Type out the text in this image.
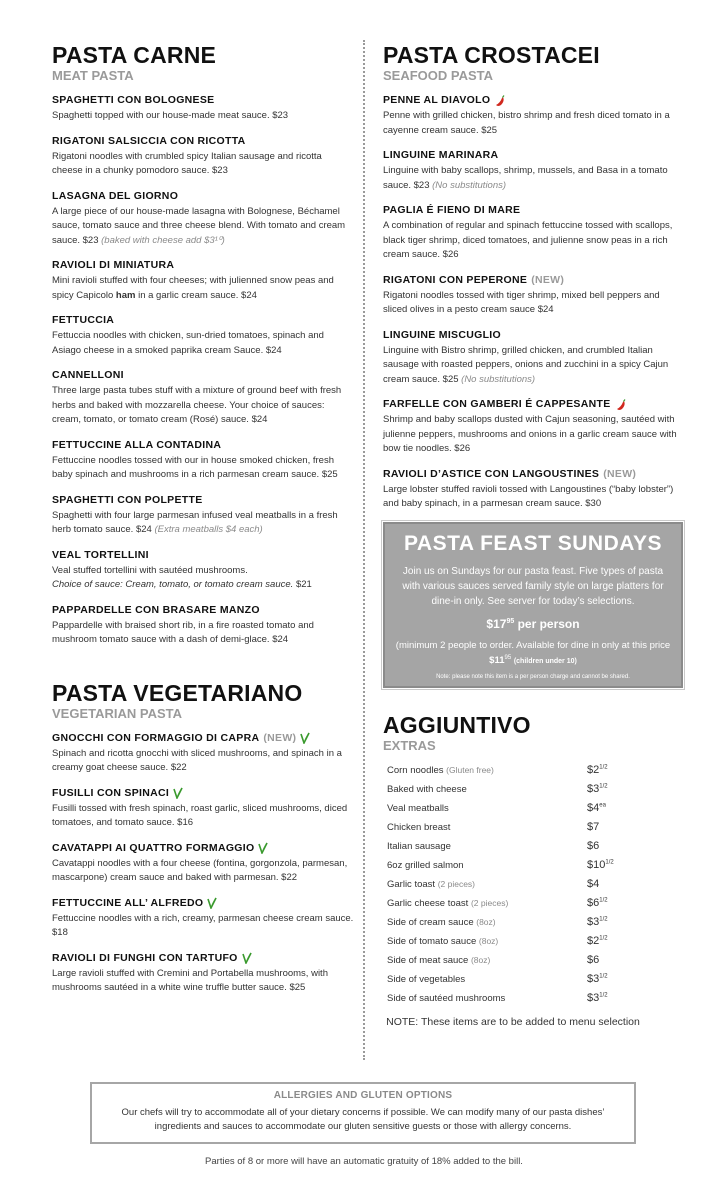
PASTA CARNE
MEAT PASTA
SPAGHETTI CON BOLOGNESE
Spaghetti topped with our house-made meat sauce. $23
RIGATONI SALSICCIA CON RICOTTA
Rigatoni noodles with crumbled spicy Italian sausage and ricotta cheese in a chunky pomodoro sauce. $23
LASAGNA DEL GIORNO
A large piece of our house-made lasagna with Bolognese, Béchamel sauce, tomato sauce and three cheese blend. With tomato and cream sauce. $23 (baked with cheese add $3¹⁰)
RAVIOLI DI MINIATURA
Mini ravioli stuffed with four cheeses; with julienned snow peas and spicy Capicolo ham in a garlic cream sauce. $24
FETTUCCIA
Fettuccia noodles with chicken, sun-dried tomatoes, spinach and Asiago cheese in a smoked paprika cream Sauce. $24
CANNELLONI
Three large pasta tubes stuff with a mixture of ground beef with fresh herbs and baked with mozzarella cheese. Your choice of sauces: cream, tomato, or tomato cream (Rosé) sauce. $24
FETTUCCINE ALLA CONTADINA
Fettuccine noodles tossed with our in house smoked chicken, fresh baby spinach and mushrooms in a rich parmesan cream sauce. $25
SPAGHETTI CON POLPETTE
Spaghetti with four large parmesan infused veal meatballs in a fresh herb tomato sauce. $24 (Extra meatballs $4 each)
VEAL TORTELLINI
Veal stuffed tortellini with sautéed mushrooms.
Choice of sauce: Cream, tomato, or tomato cream sauce. $21
PAPPARDELLE CON BRASARE MANZO
Pappardelle with braised short rib, in a fire roasted tomato and mushroom tomato sauce with a dash of demi-glace. $24
PASTA VEGETARIANO
VEGETARIAN PASTA
GNOCCHI CON FORMAGGIO DI CAPRA (NEW)
Spinach and ricotta gnocchi with sliced mushrooms, and spinach in a creamy goat cheese sauce. $22
FUSILLI CON SPINACI
Fusilli tossed with fresh spinach, roast garlic, sliced mushrooms, diced tomatoes, and tomato sauce. $16
CAVATAPPI AI QUATTRO FORMAGGIO
Cavatappi noodles with a four cheese (fontina, gorgonzola, parmesan, mascarpone) cream sauce and baked with parmesan. $22
FETTUCCINE ALL’ ALFREDO
Fettuccine noodles with a rich, creamy, parmesan cheese cream sauce. $18
RAVIOLI DI FUNGHI CON TARTUFO
Large ravioli stuffed with Cremini and Portabella mushrooms, with mushrooms sautéed in a white wine truffle butter sauce. $25
PASTA CROSTACEI
SEAFOOD PASTA
PENNE AL DIAVOLO
Penne with grilled chicken, bistro shrimp and fresh diced tomato in a cayenne cream sauce. $25
LINGUINE MARINARA
Linguine with baby scallops, shrimp, mussels, and Basa in a tomato sauce. $23 (No substitutions)
PAGLIA É FIENO DI MARE
A combination of regular and spinach fettuccine tossed with scallops, black tiger shrimp, diced tomatoes, and julienne snow peas in a rich cream sauce. $26
RIGATONI CON PEPERONE (NEW)
Rigatoni noodles tossed with tiger shrimp, mixed bell peppers and sliced olives in a pesto cream sauce $24
LINGUINE MISCUGLIO
Linguine with Bistro shrimp, grilled chicken, and crumbled Italian sausage with roasted peppers, onions and zucchini in a spicy Cajun cream sauce. $25 (No substitutions)
FARFELLE CON GAMBERI É CAPPESANTE
Shrimp and baby scallops dusted with Cajun seasoning, sautéed with julienne peppers, mushrooms and onions in a garlic cream sauce with bow tie noodles. $26
RAVIOLI D’ASTICE CON LANGOUSTINES (NEW)
Large lobster stuffed ravioli tossed with Langoustines (“baby lobster”) and baby spinach, in a parmesan cream sauce. $30
PASTA FEAST SUNDAYS
Join us on Sundays for our pasta feast. Five types of pasta with various sauces served family style on large platters for dine-in only. See server for today’s selections.
$\$17^{95}$ per person
(minimum 2 people to order. Available for dine in only at this price
$\$11^{95}$ (children under 10)
Note: please note this item is a per person charge and cannot be shared.
AGGIUNTIVO
EXTRAS
Corn noodles (Gluten free)	$\$2^{1/2}$
Baked with cheese	$\$3^{1/2}$
Veal meatballs	$\$4^{ea}$
Chicken breast	$7
Italian sausage	$6
6oz grilled salmon	$\$10^{1/2}$
Garlic toast (2 pieces)	$4
Garlic cheese toast (2 pieces)	$\$6^{1/2}$
Side of cream sauce (8oz)	$\$3^{1/2}$
Side of tomato sauce (8oz)	$\$2^{1/2}$
Side of meat sauce (8oz)	$6
Side of vegetables	$\$3^{1/2}$
Side of sautéed mushrooms	$\$3^{1/2}$
NOTE: These items are to be added to menu selection
ALLERGIES AND GLUTEN OPTIONS
Our chefs will try to accommodate all of your dietary concerns if possible. We can modify many of our pasta dishes’ ingredients and sauces to accommodate our gluten sensitive guests or those with allergy concerns.
Parties of 8 or more will have an automatic gratuity of 18% added to the bill.
